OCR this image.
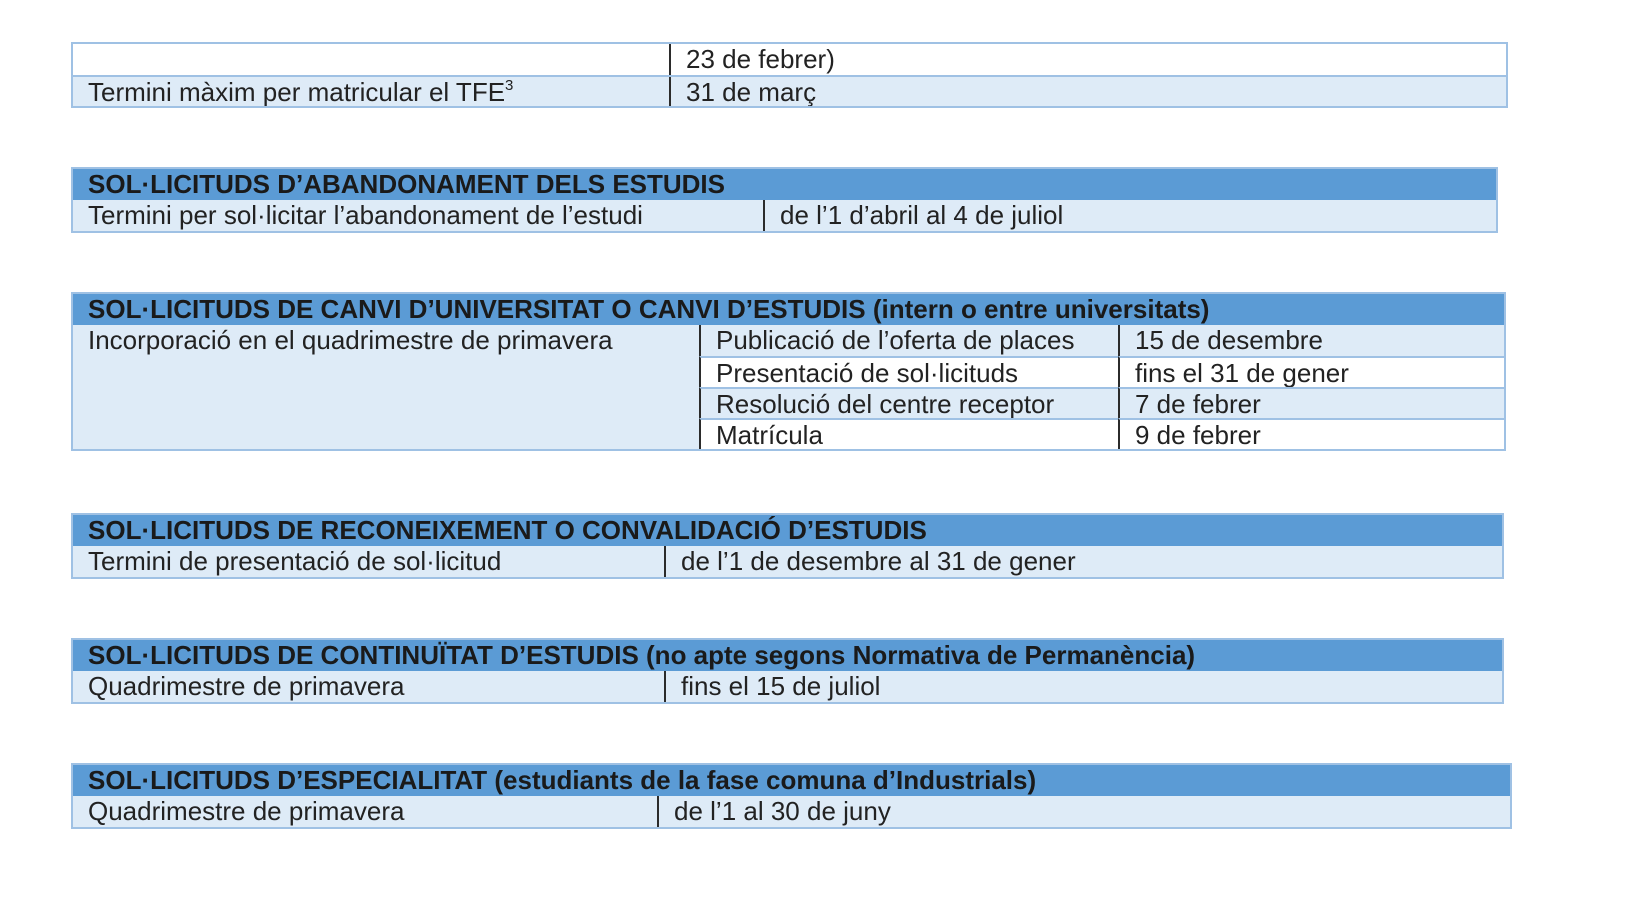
23 de febrer)
Termini màxim per matricular el TFE$^3$	31 de març
SOL·LICITUDS D’ABANDONAMENT DELS ESTUDIS
Termini per sol·licitar l’abandonament de l’estudi	de l’1 d’abril al 4 de juliol
SOL·LICITUDS DE CANVI D’UNIVERSITAT O CANVI D’ESTUDIS (intern o entre universitats)
Incorporació en el quadrimestre de primavera	Publicació de l’oferta de places	15 de desembre
Presentació de sol·licituds	fins el 31 de gener
Resolució del centre receptor	7 de febrer
Matrícula	9 de febrer
SOL·LICITUDS DE RECONEIXEMENT O CONVALIDACIÓ D’ESTUDIS
Termini de presentació de sol·licitud	de l’1 de desembre al 31 de gener
SOL·LICITUDS DE CONTINUÏTAT D’ESTUDIS (no apte segons Normativa de Permanència)
Quadrimestre de primavera	fins el 15 de juliol
SOL·LICITUDS D’ESPECIALITAT (estudiants de la fase comuna d’Industrials)
Quadrimestre de primavera	de l’1 al 30 de juny
